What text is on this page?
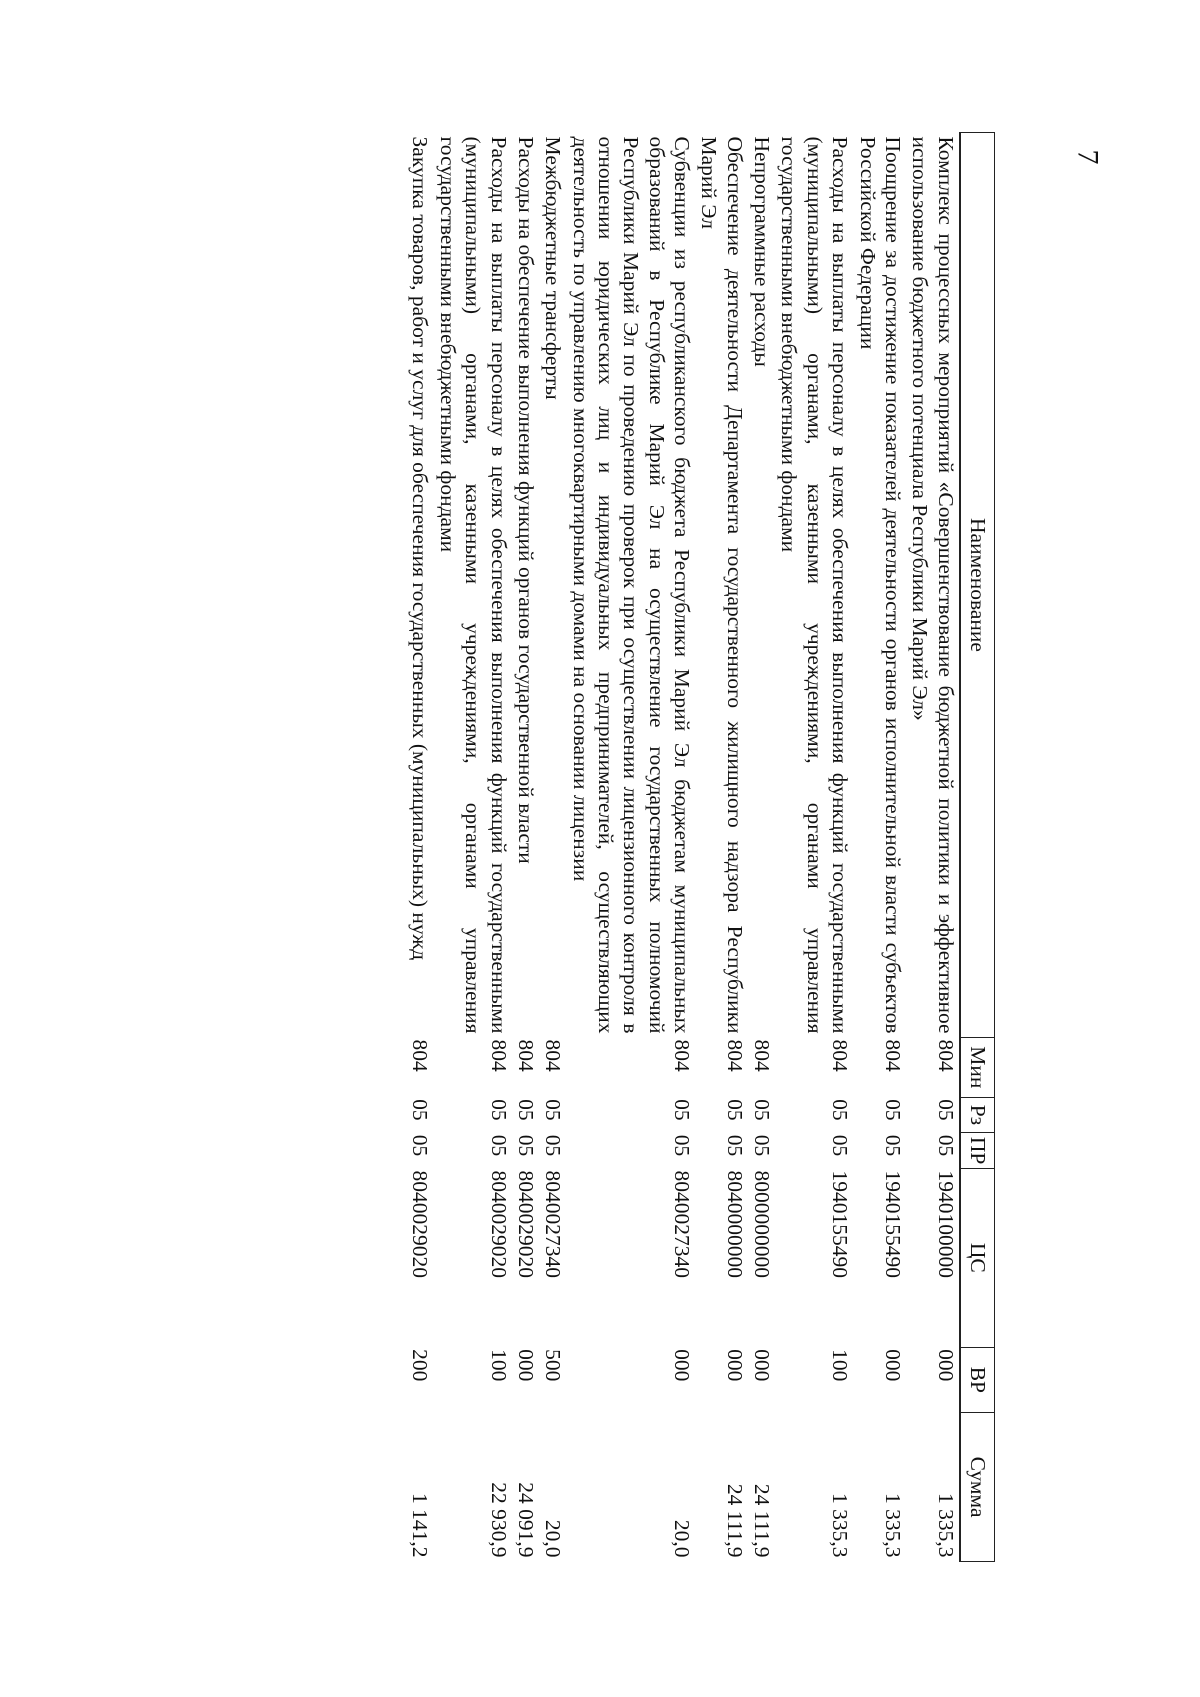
7
Наименование	Мин	Рз	ПР	ЦС	ВР	Сумма
Комплекс процессных мероприятий «Совершенствование бюджетной политики и эффективное использование бюджетного потенциала Республики Марий Эл»	804	05	05	1940100000	000	1 335,3
Поощрение за достижение показателей деятельности органов исполнительной власти субъектов Российской Федерации	804	05	05	1940155490	000	1 335,3
Расходы на выплаты персоналу в целях обеспечения выполнения функций государственными (муниципальными) органами, казенными учреждениями, органами управления государственными внебюджетными фондами	804	05	05	1940155490	100	1 335,3
Непрограммные расходы	804	05	05	8000000000	000	24 111,9
Обеспечение деятельности Департамента государственного жилищного надзора Республики Марий Эл	804	05	05	8040000000	000	24 111,9
Субвенции из республиканского бюджета Республики Марий Эл бюджетам муниципальных образований в Республике Марий Эл на осуществление государственных полномочий Республики Марий Эл по проведению проверок при осуществлении лицензионного контроля в отношении юридических лиц и индивидуальных предпринимателей, осуществляющих деятельность по управлению многоквартирными домами на основании лицензии	804	05	05	8040027340	000	20,0
Межбюджетные трансферты	804	05	05	8040027340	500	20,0
Расходы на обеспечение выполнения функций органов государственной власти	804	05	05	8040029020	000	24 091,9
Расходы на выплаты персоналу в целях обеспечения выполнения функций государственными (муниципальными) органами, казенными учреждениями, органами управления государственными внебюджетными фондами	804	05	05	8040029020	100	22 930,9
Закупка товаров, работ и услуг для обеспечения государственных (муниципальных) нужд	804	05	05	8040029020	200	1 141,2
